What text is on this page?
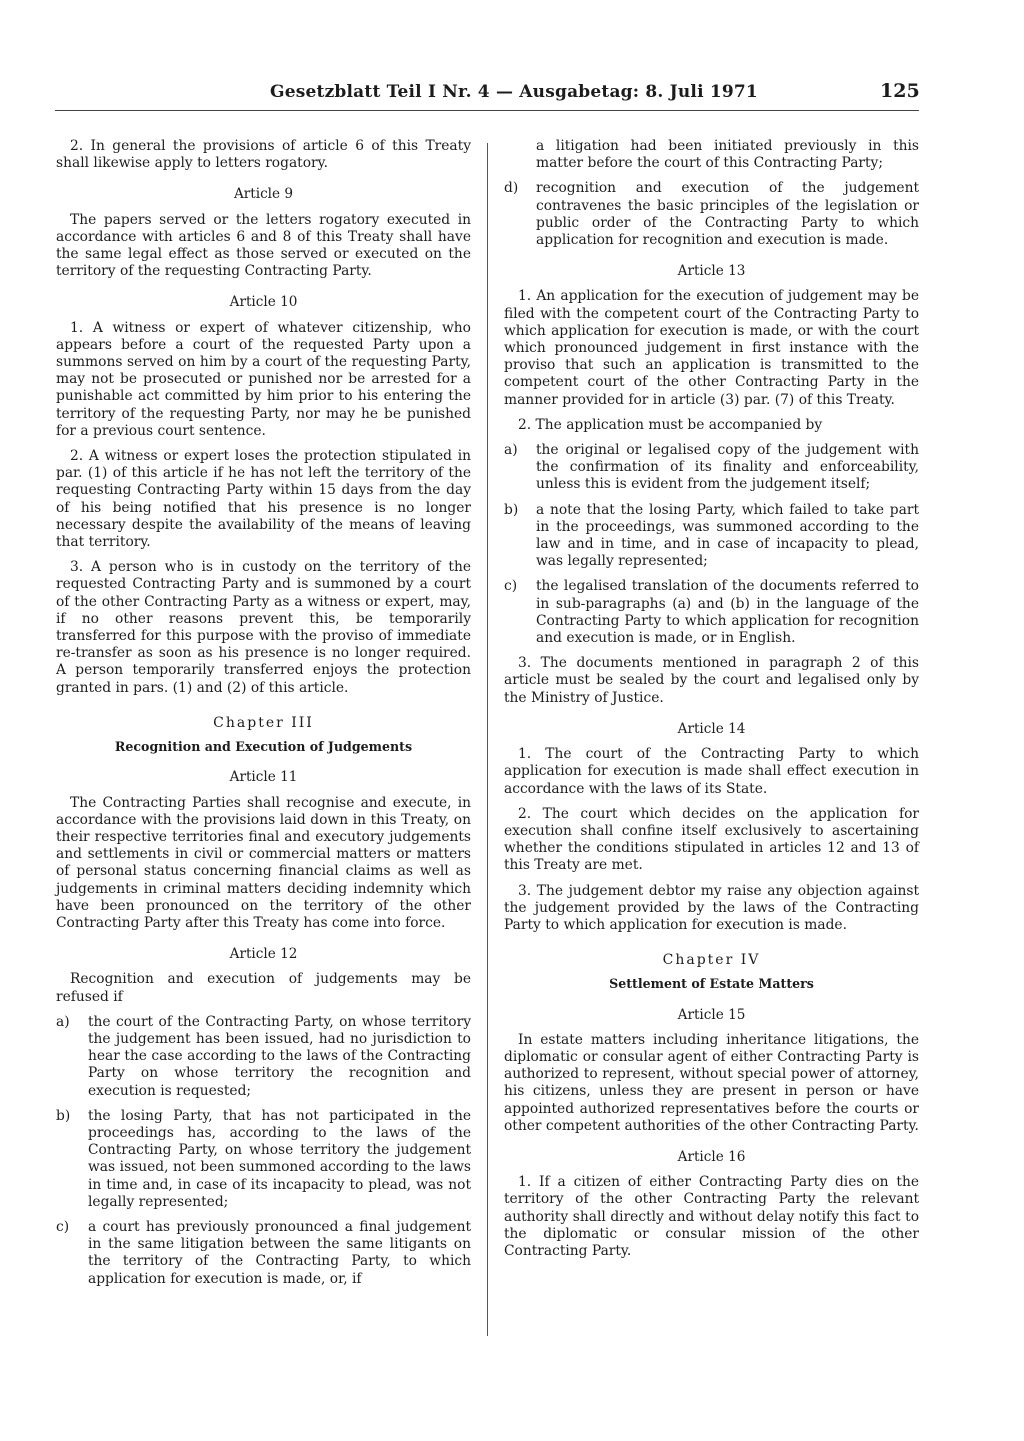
Gesetzblatt Teil I Nr. 4 — Ausgabetag: 8. Juli 1971	125

2. In general the provisions of article 6 of this Treaty shall likewise apply to letters rogatory.

Article 9

The papers served or the letters rogatory executed in accordance with articles 6 and 8 of this Treaty shall have the same legal effect as those served or executed on the territory of the requesting Contracting Party.

Article 10

1. A witness or expert of whatever citizenship, who appears before a court of the requested Party upon a summons served on him by a court of the requesting Party, may not be prosecuted or punished nor be arrested for a punishable act committed by him prior to his entering the territory of the requesting Party, nor may he be punished for a previous court sentence.

2. A witness or expert loses the protection stipulated in par. (1) of this article if he has not left the territory of the requesting Contracting Party within 15 days from the day of his being notified that his presence is no longer necessary despite the availability of the means of leaving that territory.

3. A person who is in custody on the territory of the requested Contracting Party and is summoned by a court of the other Contracting Party as a witness or expert, may, if no other reasons prevent this, be temporarily transferred for this purpose with the proviso of immediate re-transfer as soon as his presence is no longer required. A person temporarily transferred enjoys the protection granted in pars. (1) and (2) of this article.

Chapter III
Recognition and Execution of Judgements
Article 11

The Contracting Parties shall recognise and execute, in accordance with the provisions laid down in this Treaty, on their respective territories final and executory judgements and settlements in civil or commercial matters or matters of personal status concerning financial claims as well as judgements in criminal matters deciding indemnity which have been pronounced on the territory of the other Contracting Party after this Treaty has come into force.

Article 12

Recognition and execution of judgements may be refused if

a)	the court of the Contracting Party, on whose territory the judgement has been issued, had no jurisdiction to hear the case according to the laws of the Contracting Party on whose territory the recognition and execution is requested;
b)	the losing Party, that has not participated in the proceedings has, according to the laws of the Contracting Party, on whose territory the judgement was issued, not been summoned according to the laws in time and, in case of its incapacity to plead, was not legally represented;
c)	a court has previously pronounced a final judgement in the same litigation between the same litigants on the territory of the Contracting Party, to which application for execution is made, or, if
a litigation had been initiated previously in this matter before the court of this Contracting Party;
d)	recognition and execution of the judgement contravenes the basic principles of the legislation or public order of the Contracting Party to which application for recognition and execution is made.
Article 13

1. An application for the execution of judgement may be filed with the competent court of the Contracting Party to which application for execution is made, or with the court which pronounced judgement in first instance with the proviso that such an application is transmitted to the competent court of the other Contracting Party in the manner provided for in article (3) par. (7) of this Treaty.

2. The application must be accompanied by

a)	the original or legalised copy of the judgement with the confirmation of its finality and enforceability, unless this is evident from the judgement itself;
b)	a note that the losing Party, which failed to take part in the proceedings, was summoned according to the law and in time, and in case of incapacity to plead, was legally represented;
c)	the legalised translation of the documents referred to in sub-paragraphs (a) and (b) in the language of the Contracting Party to which application for recognition and execution is made, or in English.

3. The documents mentioned in paragraph 2 of this article must be sealed by the court and legalised only by the Ministry of Justice.

Article 14

1. The court of the Contracting Party to which application for execution is made shall effect execution in accordance with the laws of its State.

2. The court which decides on the application for execution shall confine itself exclusively to ascertaining whether the conditions stipulated in articles 12 and 13 of this Treaty are met.

3. The judgement debtor my raise any objection against the judgement provided by the laws of the Contracting Party to which application for execution is made.

Chapter IV
Settlement of Estate Matters
Article 15

In estate matters including inheritance litigations, the diplomatic or consular agent of either Contracting Party is authorized to represent, without special power of attorney, his citizens, unless they are present in person or have appointed authorized representatives before the courts or other competent authorities of the other Contracting Party.

Article 16

1. If a citizen of either Contracting Party dies on the territory of the other Contracting Party the relevant authority shall directly and without delay notify this fact to the diplomatic or consular mission of the other Contracting Party.
